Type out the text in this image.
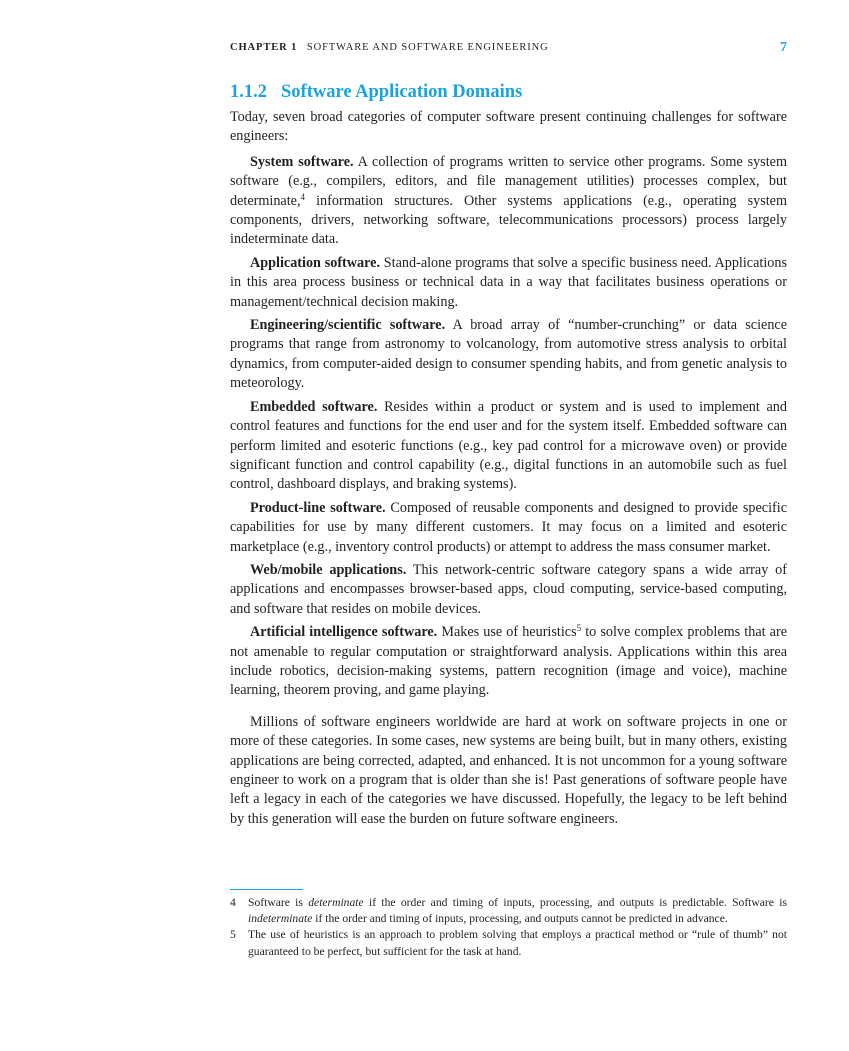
CHAPTER 1 SOFTWARE AND SOFTWARE ENGINEERING	7
1.1.2 Software Application Domains

Today, seven broad categories of computer software present continuing challenges for software engineers:

System software. A collection of programs written to service other programs. Some system software (e.g., compilers, editors, and file management utilities) processes complex, but determinate,$^4$ information structures. Other systems applications (e.g., operating system components, drivers, networking software, telecommunications processors) process largely indeterminate data.

Application software. Stand-alone programs that solve a specific business need. Applications in this area process business or technical data in a way that facilitates business operations or management/technical decision making.

Engineering/scientific software. A broad array of “number-crunching” or data science programs that range from astronomy to volcanology, from automotive stress analysis to orbital dynamics, from computer-aided design to consumer spending habits, and from genetic analysis to meteorology.

Embedded software. Resides within a product or system and is used to implement and control features and functions for the end user and for the system itself. Embedded software can perform limited and esoteric functions (e.g., key pad control for a microwave oven) or provide significant function and control capability (e.g., digital functions in an automobile such as fuel control, dashboard displays, and braking systems).

Product-line software. Composed of reusable components and designed to provide specific capabilities for use by many different customers. It may focus on a limited and esoteric marketplace (e.g., inventory control products) or attempt to address the mass consumer market.

Web/mobile applications. This network-centric software category spans a wide array of applications and encompasses browser-based apps, cloud computing, service-based computing, and software that resides on mobile devices.

Artificial intelligence software. Makes use of heuristics$^5$ to solve complex problems that are not amenable to regular computation or straightforward analysis. Applications within this area include robotics, decision-making systems, pattern recognition (image and voice), machine learning, theorem proving, and game playing.

Millions of software engineers worldwide are hard at work on software projects in one or more of these categories. In some cases, new systems are being built, but in many others, existing applications are being corrected, adapted, and enhanced. It is not uncommon for a young software engineer to work on a program that is older than she is! Past generations of software people have left a legacy in each of the categories we have discussed. Hopefully, the legacy to be left behind by this generation will ease the burden on future software engineers.

4 Software is determinate if the order and timing of inputs, processing, and outputs is predictable. Software is indeterminate if the order and timing of inputs, processing, and outputs cannot be predicted in advance.

5 The use of heuristics is an approach to problem solving that employs a practical method or “rule of thumb” not guaranteed to be perfect, but sufficient for the task at hand.
